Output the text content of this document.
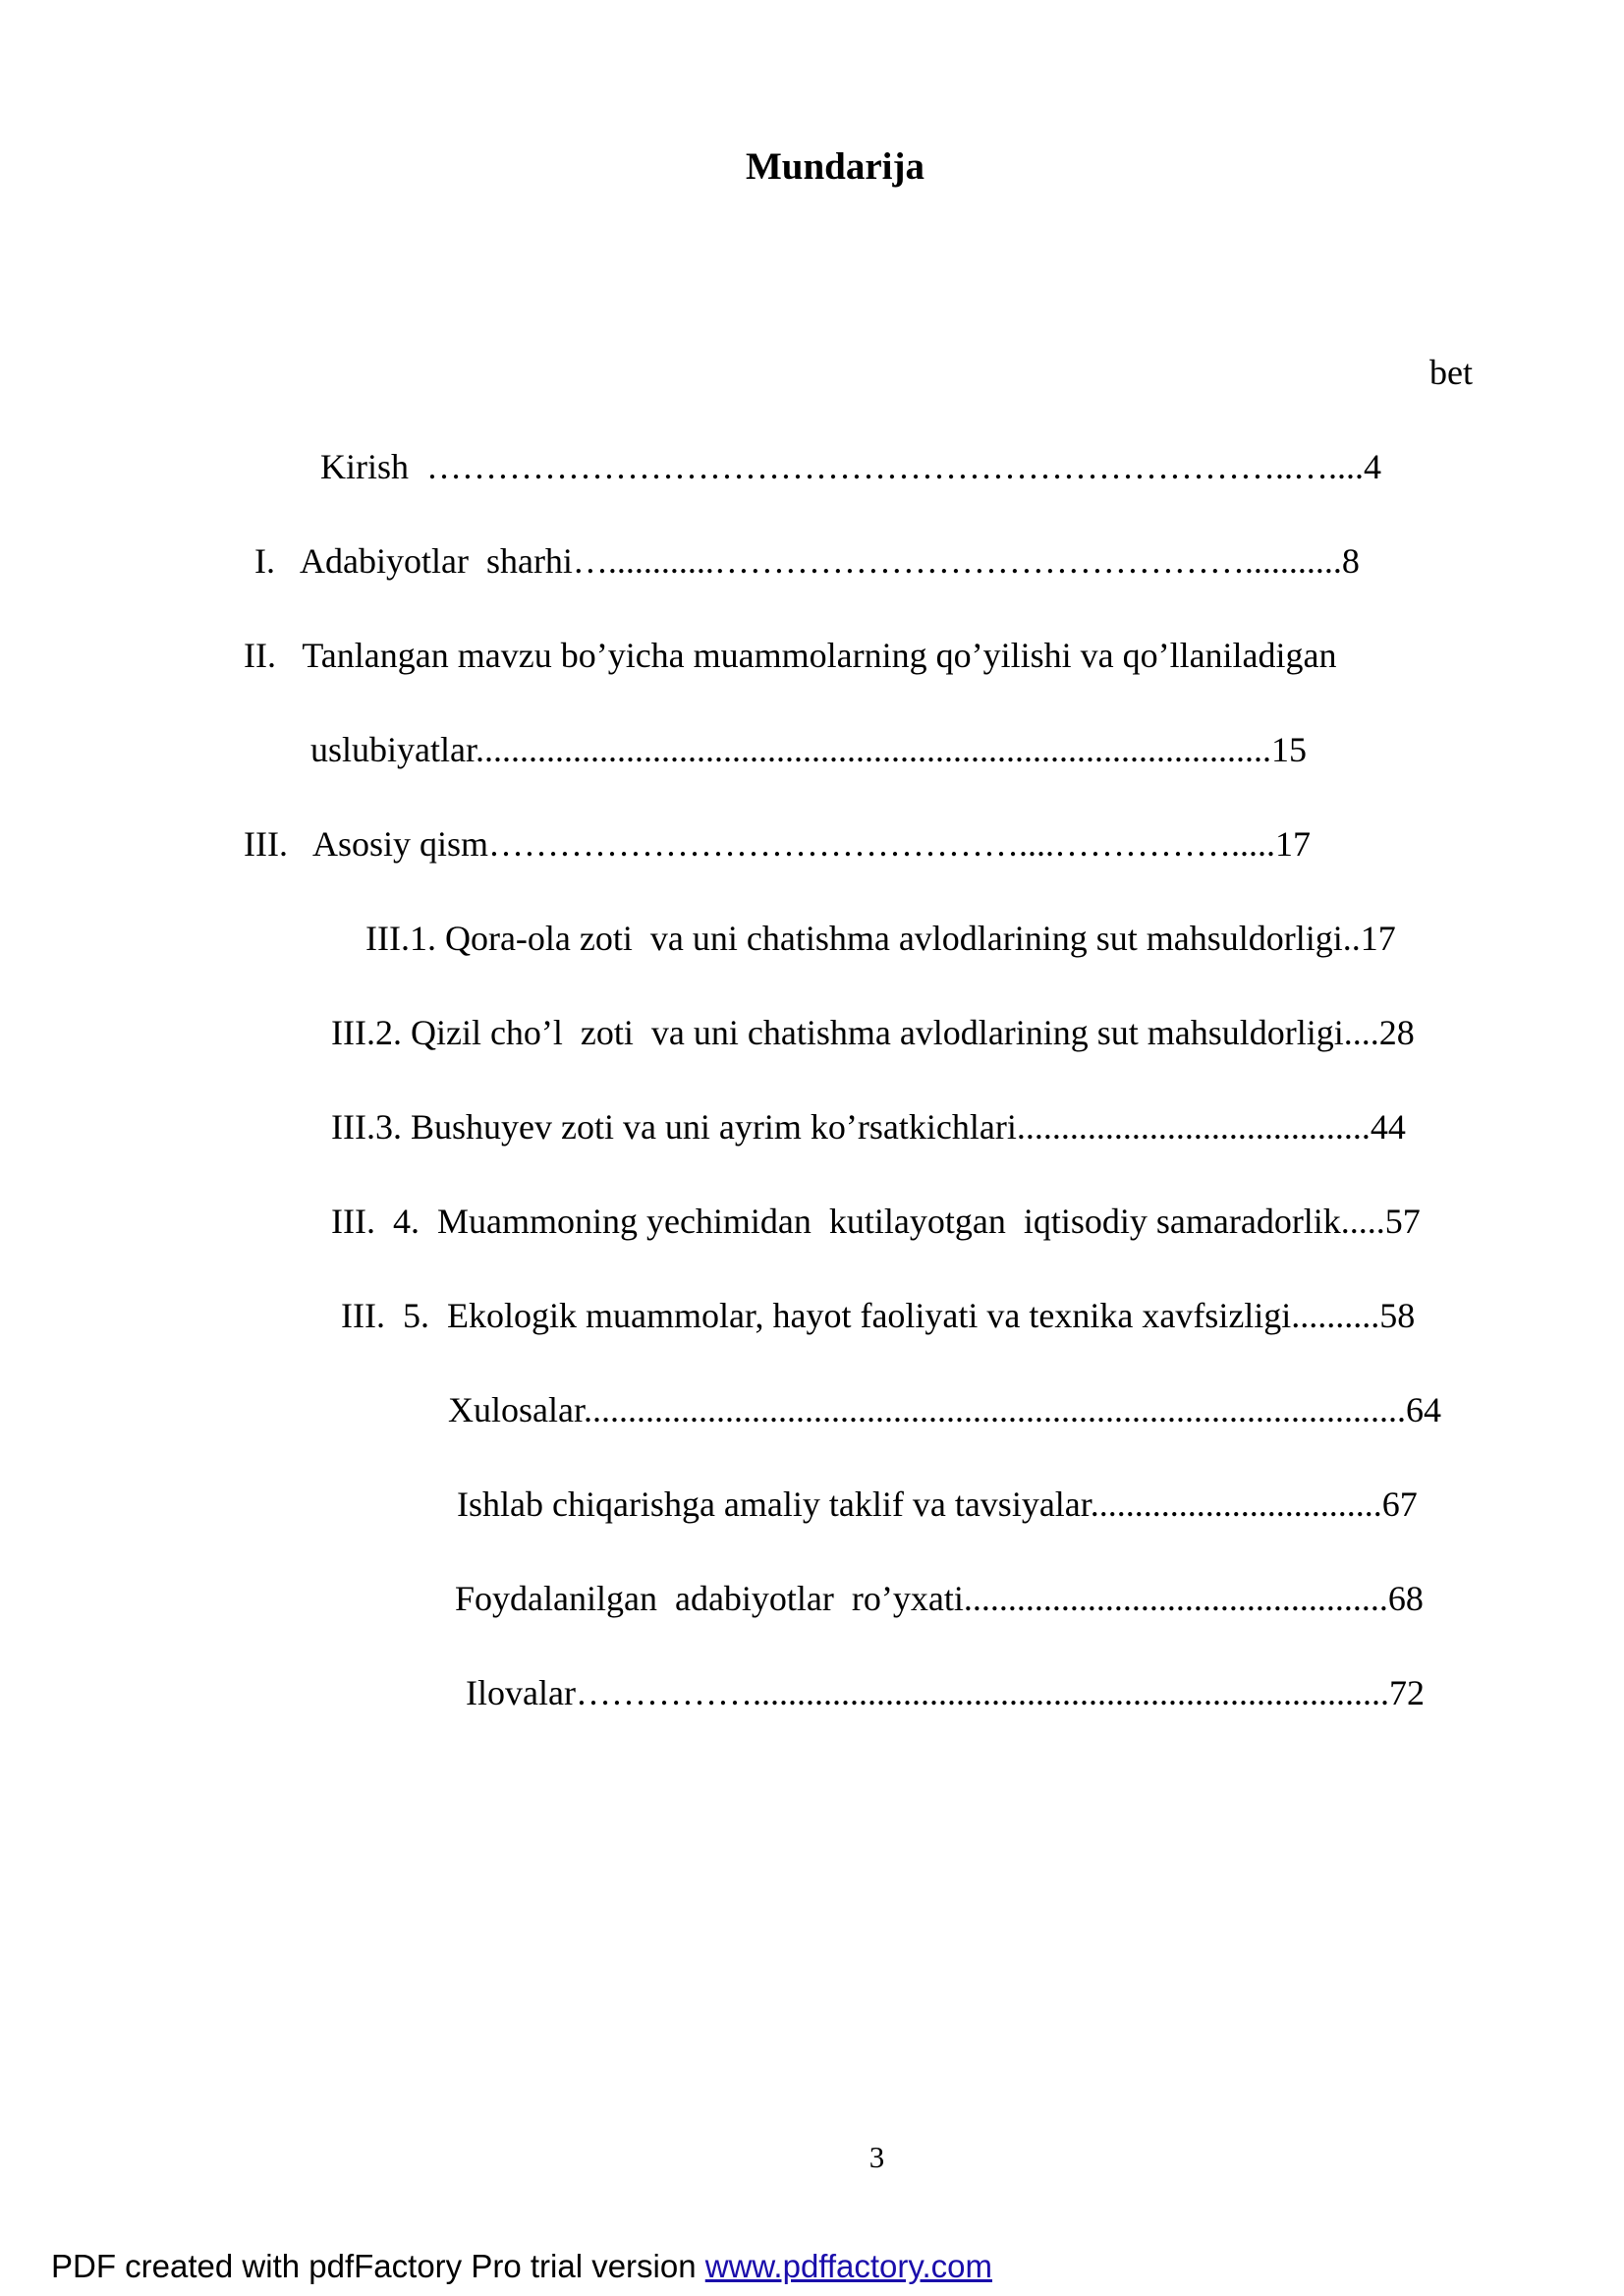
Mundarija
bet
Kirish  ………………………………………………………………..…....4
I.   Adabiyotlar  sharhi…............………………………………………...........8
II.   Tanlangan mavzu bo’yicha muammolarning qo’yilishi va qo’llaniladigan
uslubiyatlar..........................................................................................15
III.   Asosiy qism………………………………………....…………….....17
III.1. Qora-ola zoti  va uni chatishma avlodlarining sut mahsuldorligi..17
III.2. Qizil cho’l  zoti  va uni chatishma avlodlarining sut mahsuldorligi....28
III.3. Bushuyev zoti va uni ayrim ko’rsatkichlari........................................44
III.  4.  Muammoning yechimidan  kutilayotgan  iqtisodiy samaradorlik.....57
III.  5.  Ekologik muammolar, hayot faoliyati va texnika xavfsizligi..........58
Xulosalar.............................................................................................64
Ishlab chiqarishga amaliy taklif va tavsiyalar.................................67
Foydalanilgan  adabiyotlar  ro’yxati................................................68
Ilovalar……………........................................................................72
3
PDF created with pdfFactory Pro trial version www.pdffactory.com
